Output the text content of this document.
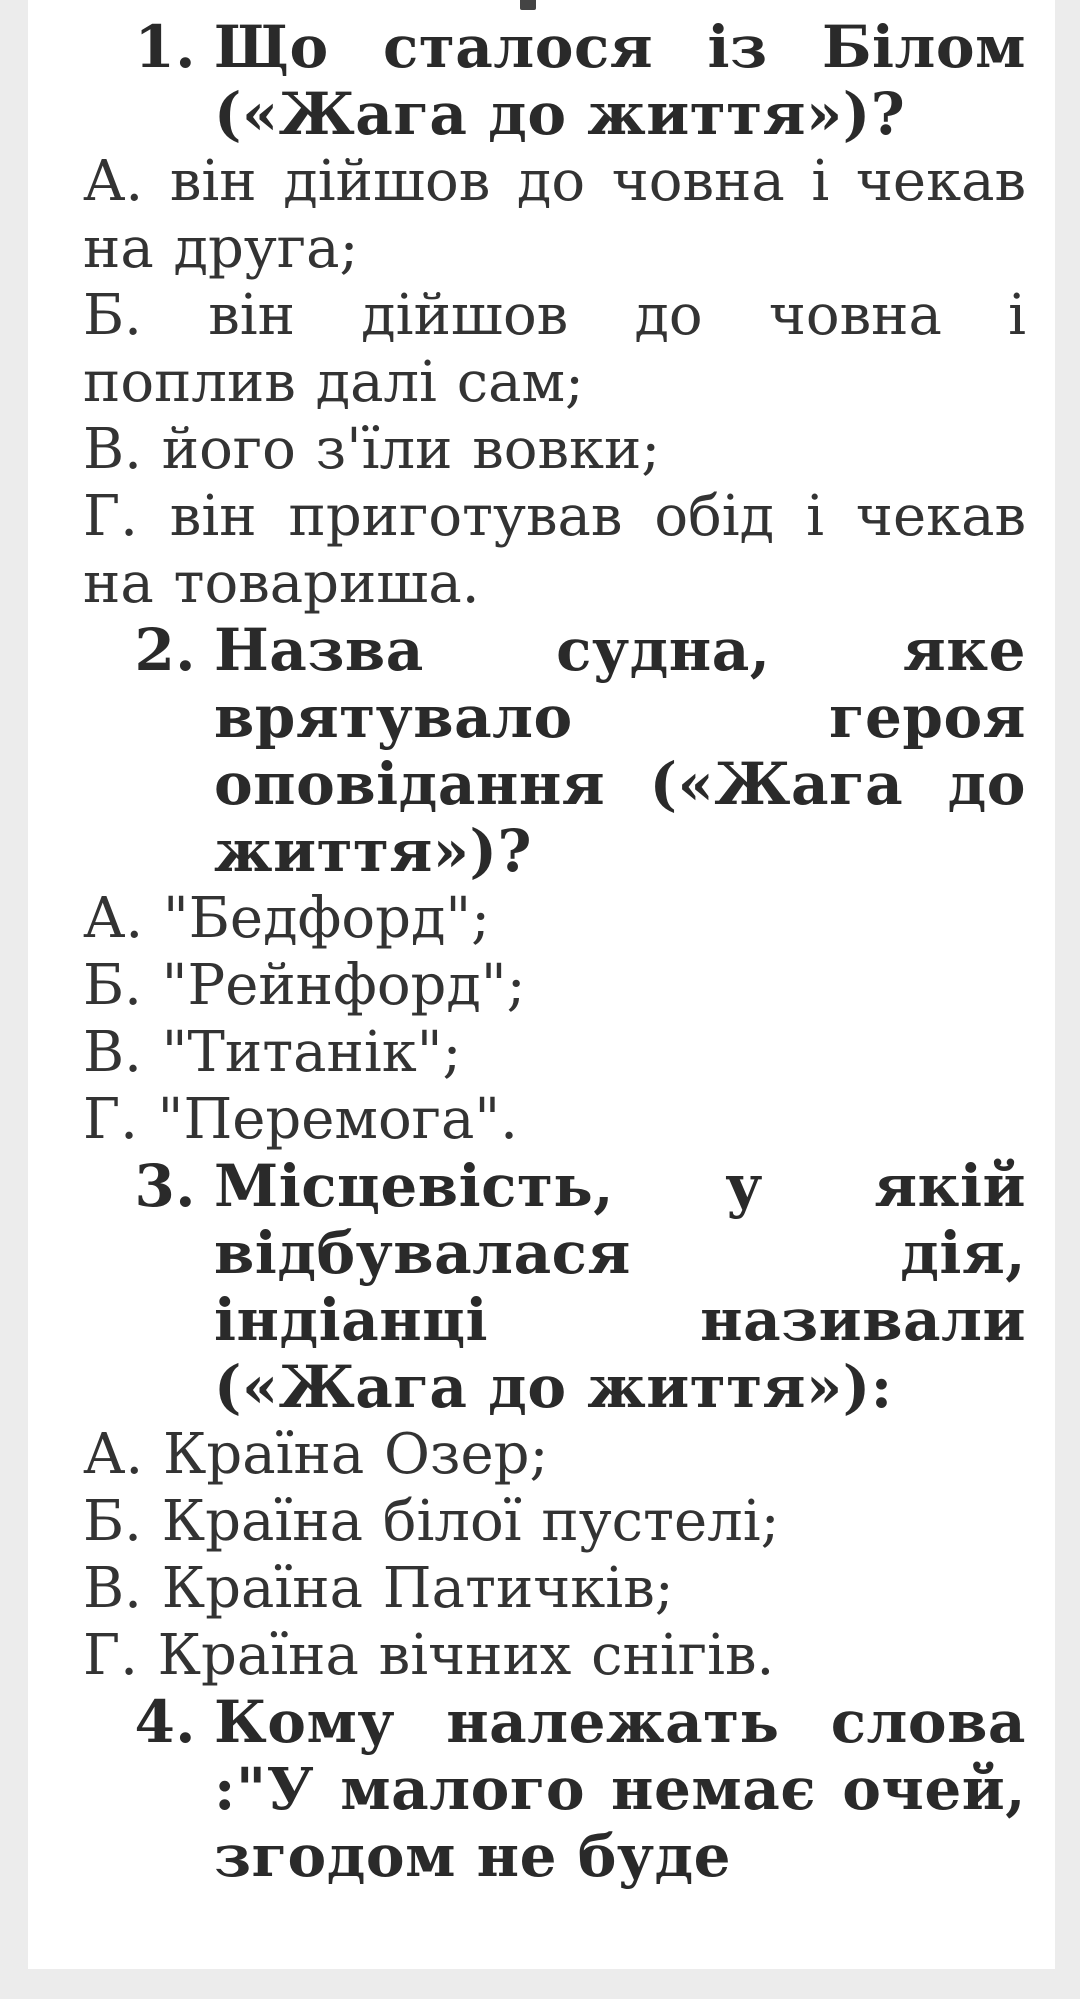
1. Що сталося із Білом («Жага до життя»)?
А. він дійшов до човна і чекав на друга;
Б. він дійшов до човна і поплив далі сам;
В. його з'їли вовки;
Г. він приготував обід і чекав на товариша.
2. Назва судна, яке врятувало героя оповідання («Жага до життя»)?
А. "Бедфорд";
Б. "Рейнфорд";
В. "Титанік";
Г. "Перемога".
3. Місцевість, у якій відбувалася дія, індіанці називали («Жага до життя»):
А. Країна Озер;
Б. Країна білої пустелі;
В. Країна Патичків;
Г. Країна вічних снігів.
4. Кому належать слова :"У малого немає очей, згодом не буде
